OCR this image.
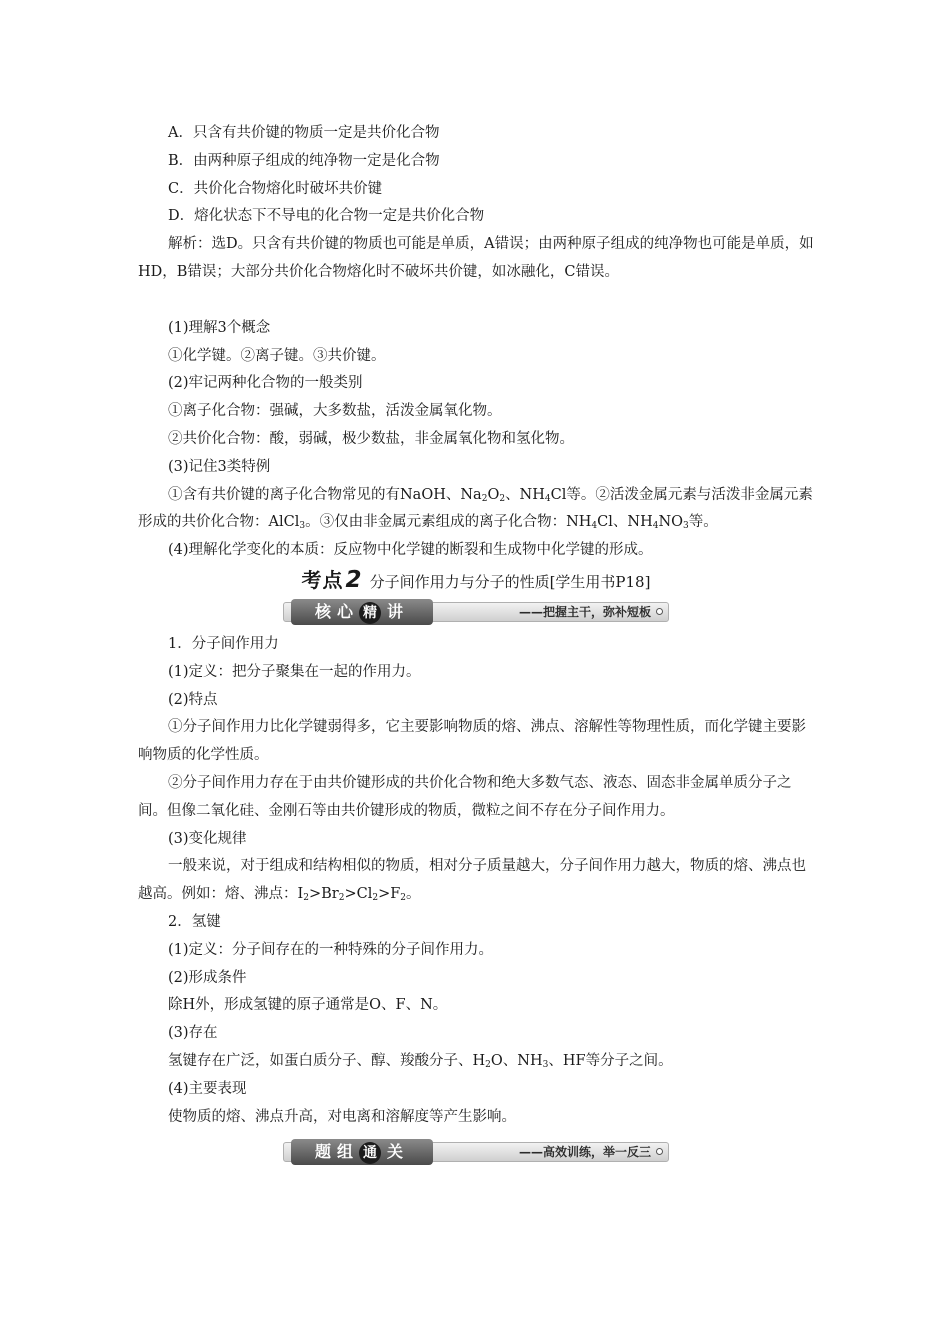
A．只含有共价键的物质一定是共价化合物

B．由两种原子组成的纯净物一定是化合物

C．共价化合物熔化时破坏共价键

D．熔化状态下不导电的化合物一定是共价化合物

解析：选D。只含有共价键的物质也可能是单质，A错误；由两种原子组成的纯净物也可能是单质，如HD，B错误；大部分共价化合物熔化时不破坏共价键，如冰融化，C错误。

(1)理解3个概念

①化学键。②离子键。③共价键。

(2)牢记两种化合物的一般类别

①离子化合物：强碱，大多数盐，活泼金属氧化物。

②共价化合物：酸，弱碱，极少数盐，非金属氧化物和氢化物。

(3)记住3类特例

①含有共价键的离子化合物常见的有NaOH、$Na_2O_2$、$NH_4Cl$等。②活泼金属元素与活泼非金属元素形成的共价化合物：AlCl$_3$。③仅由非金属元素组成的离子化合物：$NH_4Cl$、$NH_4NO_3$等。

(4)理解化学变化的本质：反应物中化学键的断裂和生成物中化学键的形成。

考点2 分子间作用力与分子的性质[学生用书P18]
核心 精 讲	——把握主干，弥补短板

1．分子间作用力

(1)定义：把分子聚集在一起的作用力。

(2)特点

①分子间作用力比化学键弱得多，它主要影响物质的熔、沸点、溶解性等物理性质，而化学键主要影响物质的化学性质。

②分子间作用力存在于由共价键形成的共价化合物和绝大多数气态、液态、固态非金属单质分子之间。但像二氧化硅、金刚石等由共价键形成的物质，微粒之间不存在分子间作用力。

(3)变化规律

一般来说，对于组成和结构相似的物质，相对分子质量越大，分子间作用力越大，物质的熔、沸点也越高。例如：熔、沸点：$I_2>Br_2>Cl_2>F_2$。

2．氢键

(1)定义：分子间存在的一种特殊的分子间作用力。

(2)形成条件

除H外，形成氢键的原子通常是O、F、N。

(3)存在

氢键存在广泛，如蛋白质分子、醇、羧酸分子、$H_2O$、$NH_3$、HF等分子之间。

(4)主要表现

使物质的熔、沸点升高，对电离和溶解度等产生影响。

题组 通 关	——高效训练，举一反三
